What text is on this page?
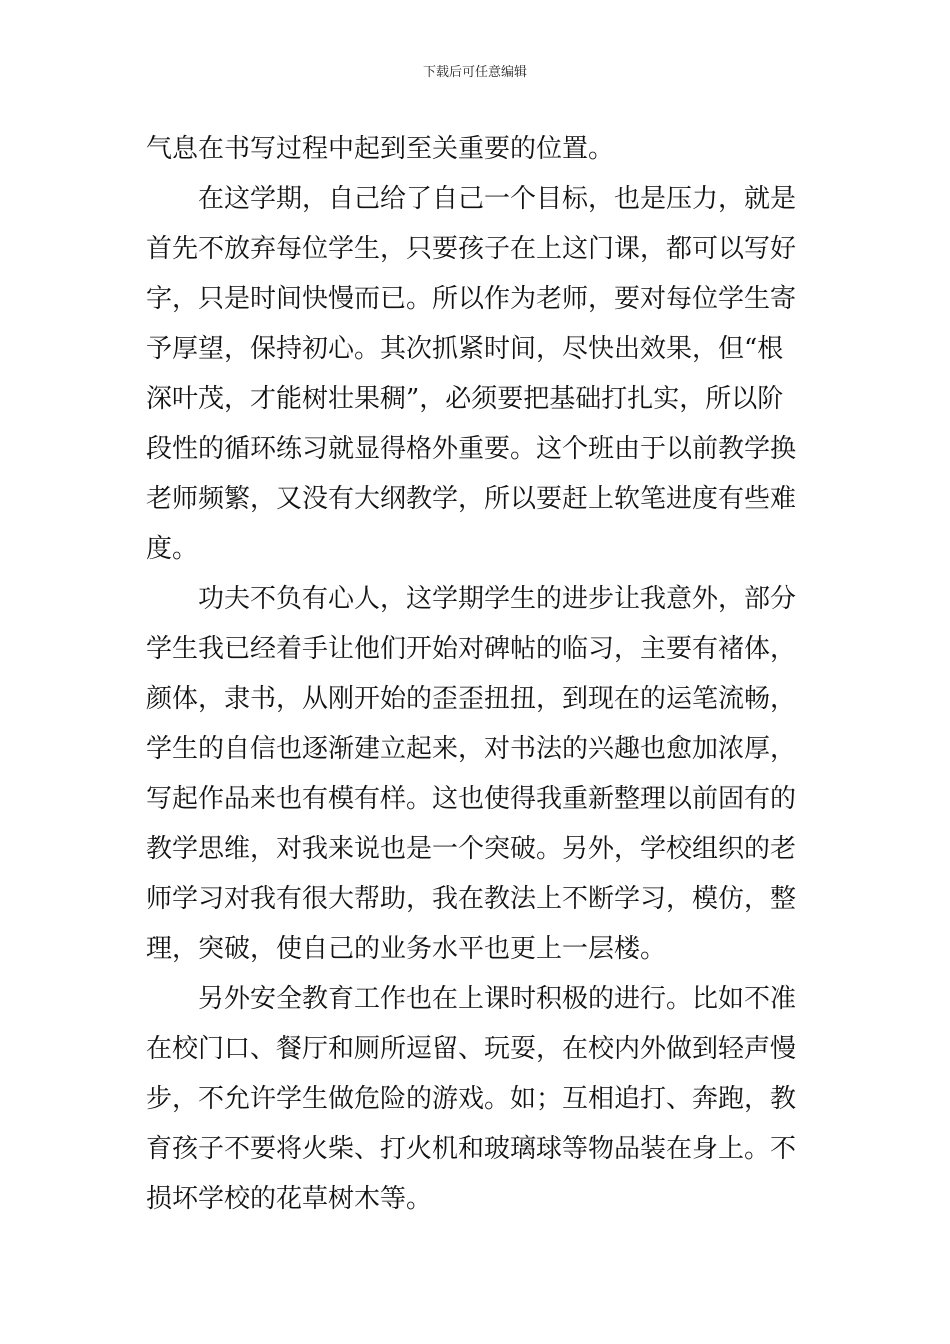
下载后可任意编辑
气息在书写过程中起到至关重要的位置。
在这学期，自己给了自己一个目标，也是压力，就是
首先不放弃每位学生，只要孩子在上这门课，都可以写好
字，只是时间快慢而已。所以作为老师，要对每位学生寄
予厚望，保持初心。其次抓紧时间，尽快出效果，但“根
深叶茂，才能树壮果稠”，必须要把基础打扎实，所以阶
段性的循环练习就显得格外重要。这个班由于以前教学换
老师频繁，又没有大纲教学，所以要赶上软笔进度有些难
度。
功夫不负有心人，这学期学生的进步让我意外，部分
学生我已经着手让他们开始对碑帖的临习，主要有褚体，
颜体，隶书，从刚开始的歪歪扭扭，到现在的运笔流畅，
学生的自信也逐渐建立起来，对书法的兴趣也愈加浓厚，
写起作品来也有模有样。这也使得我重新整理以前固有的
教学思维，对我来说也是一个突破。另外，学校组织的老
师学习对我有很大帮助，我在教法上不断学习，模仿，整
理，突破，使自己的业务水平也更上一层楼。
另外安全教育工作也在上课时积极的进行。比如不准
在校门口、餐厅和厕所逗留、玩耍，在校内外做到轻声慢
步，不允许学生做危险的游戏。如；互相追打、奔跑，教
育孩子不要将火柴、打火机和玻璃球等物品装在身上。不
损坏学校的花草树木等。
